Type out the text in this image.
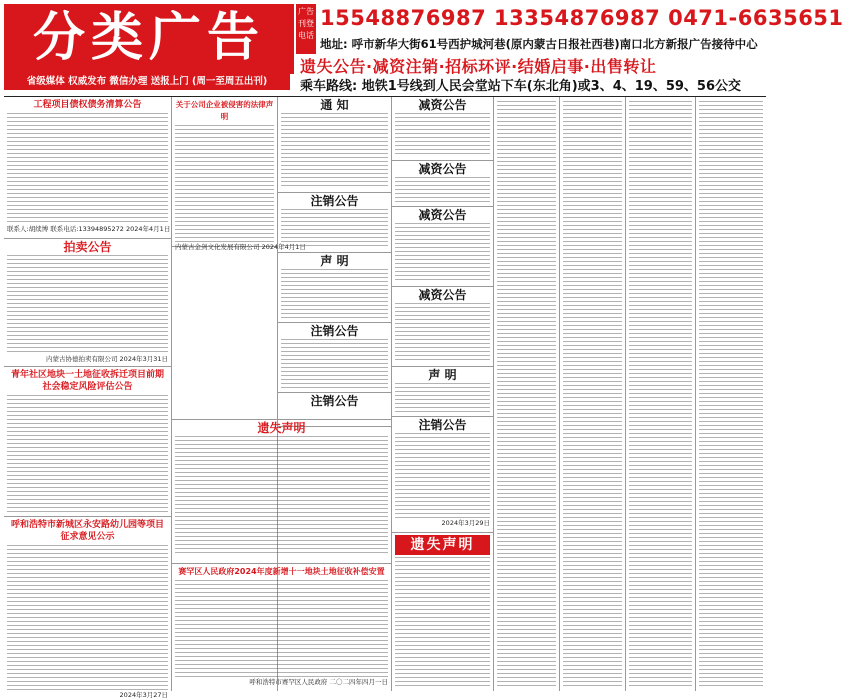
分类广告
省级媒体 权威发布 微信办理 送报上门 (周一至周五出刊)
广告刊登电话
15548876987 13354876987 0471-6635651
地址: 呼市新华大街61号西护城河巷(原内蒙古日报社西巷)南口北方新报广告接待中心
遗失公告·减资注销·招标环评·结婚启事·出售转让
乘车路线: 地铁1号线到人民会堂站下车(东北角)或3、4、19、59、56公交
工程项目债权债务清算公告
联系人:胡续博 联系电话:13394895272 2024年4月1日
拍卖公告
内蒙古协德拍卖有限公司 2024年3月31日
青年社区地块一土地征收拆迁项目前期社会稳定风险评估公告
呼和浩特市新城区永安路幼儿园等项目征求意见公示
2024年3月27日
关于公司企业被侵害的法律声明
内蒙古金剑文化发展有限公司 2024年4月1日
通 知
注销公告
声 明
注销公告
注销公告
减资公告
减资公告
减资公告
减资公告
声 明
注销公告
2024年3月29日
遗失声明
遗失声明
赛罕区人民政府2024年度新增十一地块土地征收补偿安置
呼和浩特市赛罕区人民政府 二〇二四年四月一日
